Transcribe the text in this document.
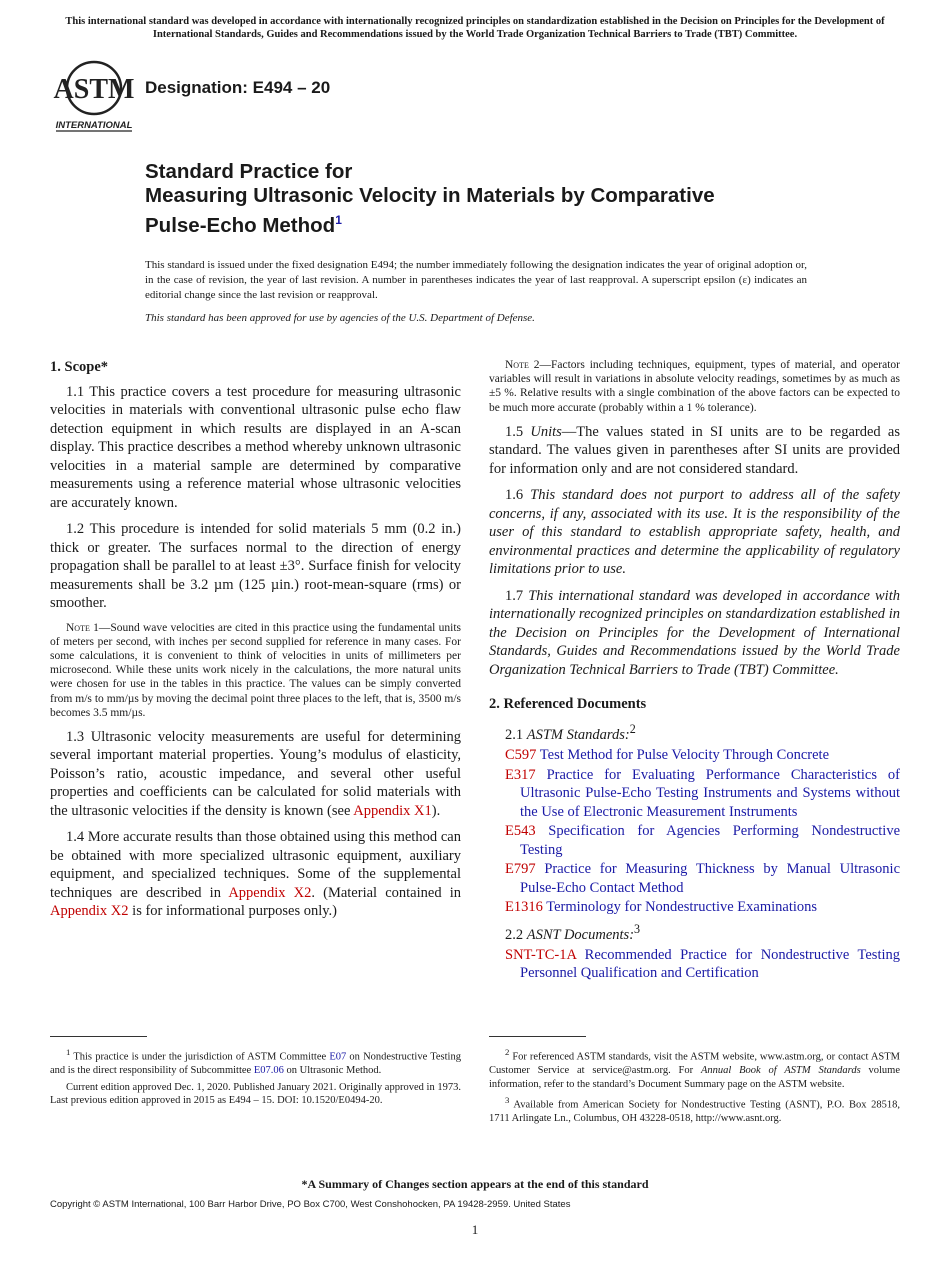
This international standard was developed in accordance with internationally recognized principles on standardization established in the Decision on Principles for the Development of International Standards, Guides and Recommendations issued by the World Trade Organization Technical Barriers to Trade (TBT) Committee.
ASTM
INTERNATIONAL
Designation: E494 – 20
Standard Practice for
Measuring Ultrasonic Velocity in Materials by Comparative
Pulse-Echo Method$^1$
This standard is issued under the fixed designation E494; the number immediately following the designation indicates the year of original adoption or, in the case of revision, the year of last revision. A number in parentheses indicates the year of last reapproval. A superscript epsilon (ε) indicates an editorial change since the last revision or reapproval.
This standard has been approved for use by agencies of the U.S. Department of Defense.
1. Scope*

1.1 This practice covers a test procedure for measuring ultrasonic velocities in materials with conventional ultrasonic pulse echo flaw detection equipment in which results are displayed in an A-scan display. This practice describes a method whereby unknown ultrasonic velocities in a material sample are determined by comparative measurements using a reference material whose ultrasonic velocities are accurately known.

1.2 This procedure is intended for solid materials 5 mm (0.2 in.) thick or greater. The surfaces normal to the direction of energy propagation shall be parallel to at least ±3°. Surface finish for velocity measurements shall be 3.2 µm (125 µin.) root-mean-square (rms) or smoother.

Note 1—Sound wave velocities are cited in this practice using the fundamental units of meters per second, with inches per second supplied for reference in many cases. For some calculations, it is convenient to think of velocities in units of millimeters per microsecond. While these units work nicely in the calculations, the more natural units were chosen for use in the tables in this practice. The values can be simply converted from m/s to mm/µs by moving the decimal point three places to the left, that is, 3500 m/s becomes 3.5 mm/µs.

1.3 Ultrasonic velocity measurements are useful for determining several important material properties. Young’s modulus of elasticity, Poisson’s ratio, acoustic impedance, and several other useful properties and coefficients can be calculated for solid materials with the ultrasonic velocities if the density is known (see Appendix X1).

1.4 More accurate results than those obtained using this method can be obtained with more specialized ultrasonic equipment, auxiliary equipment, and specialized techniques. Some of the supplemental techniques are described in Appendix X2. (Material contained in Appendix X2 is for informational purposes only.)

Note 2—Factors including techniques, equipment, types of material, and operator variables will result in variations in absolute velocity readings, sometimes by as much as ±5 %. Relative results with a single combination of the above factors can be expected to be much more accurate (probably within a 1 % tolerance).

1.5 Units—The values stated in SI units are to be regarded as standard. The values given in parentheses after SI units are provided for information only and are not considered standard.

1.6 This standard does not purport to address all of the safety concerns, if any, associated with its use. It is the responsibility of the user of this standard to establish appropriate safety, health, and environmental practices and determine the applicability of regulatory limitations prior to use.

1.7 This international standard was developed in accordance with internationally recognized principles on standardization established in the Decision on Principles for the Development of International Standards, Guides and Recommendations issued by the World Trade Organization Technical Barriers to Trade (TBT) Committee.

2. Referenced Documents
2.1 ASTM Standards:$^2$
C597 Test Method for Pulse Velocity Through Concrete
E317 Practice for Evaluating Performance Characteristics of Ultrasonic Pulse-Echo Testing Instruments and Systems without the Use of Electronic Measurement Instruments
E543 Specification for Agencies Performing Nondestructive Testing
E797 Practice for Measuring Thickness by Manual Ultrasonic Pulse-Echo Contact Method
E1316 Terminology for Nondestructive Examinations
2.2 ASNT Documents:$^3$
SNT-TC-1A Recommended Practice for Nondestructive Testing Personnel Qualification and Certification

$^1$ This practice is under the jurisdiction of ASTM Committee E07 on Nondestructive Testing and is the direct responsibility of Subcommittee E07.06 on Ultrasonic Method.

Current edition approved Dec. 1, 2020. Published January 2021. Originally approved in 1973. Last previous edition approved in 2015 as E494 – 15. DOI: 10.1520/E0494-20.

$^2$ For referenced ASTM standards, visit the ASTM website, www.astm.org, or contact ASTM Customer Service at service@astm.org. For Annual Book of ASTM Standards volume information, refer to the standard’s Document Summary page on the ASTM website.

$^3$ Available from American Society for Nondestructive Testing (ASNT), P.O. Box 28518, 1711 Arlingate Ln., Columbus, OH 43228-0518, http://www.asnt.org.

*A Summary of Changes section appears at the end of this standard
Copyright © ASTM International, 100 Barr Harbor Drive, PO Box C700, West Conshohocken, PA 19428-2959. United States
1
